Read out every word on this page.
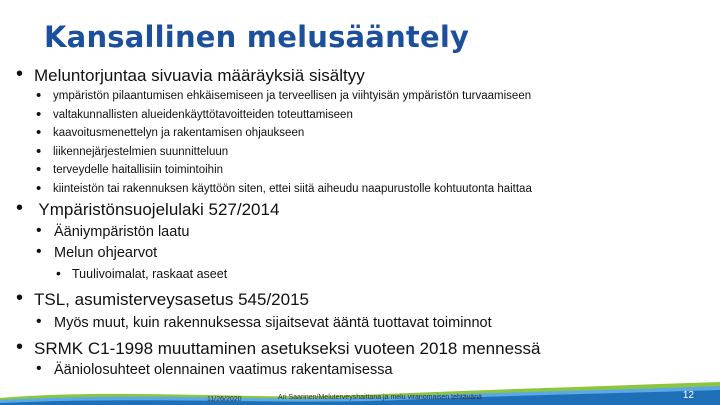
Kansallinen melusääntely
• Meluntorjuntaa sivuavia määräyksiä sisältyy
• ympäristön pilaantumisen ehkäisemiseen ja terveellisen ja viihtyisän ympäristön turvaamiseen
• valtakunnallisten alueidenkäyttötavoitteiden toteuttamiseen
• kaavoitusmenettelyn ja rakentamisen ohjaukseen
• liikennejärjestelmien suunnitteluun
• terveydelle haitallisiin toimintoihin
• kiinteistön tai rakennuksen käyttöön siten, ettei siitä aiheudu naapurustolle kohtuutonta haittaa
• Ympäristönsuojelulaki 527/2014
• Ääniympäristön laatu
• Melun ohjearvot
• Tuulivoimalat, raskaat aseet
• TSL, asumisterveysasetus 545/2015
• Myös muut, kuin rakennuksessa sijaitsevat ääntä tuottavat toiminnot
• SRMK C1-1998 muuttaminen asetukseksi vuoteen 2018 mennessä
• Ääniolosuhteet olennainen vaatimus rakentamisessa
11/26/2020	Ari Saarinen/Meluterveyshaittana ja melu viranomaisen tehtävänä	12
